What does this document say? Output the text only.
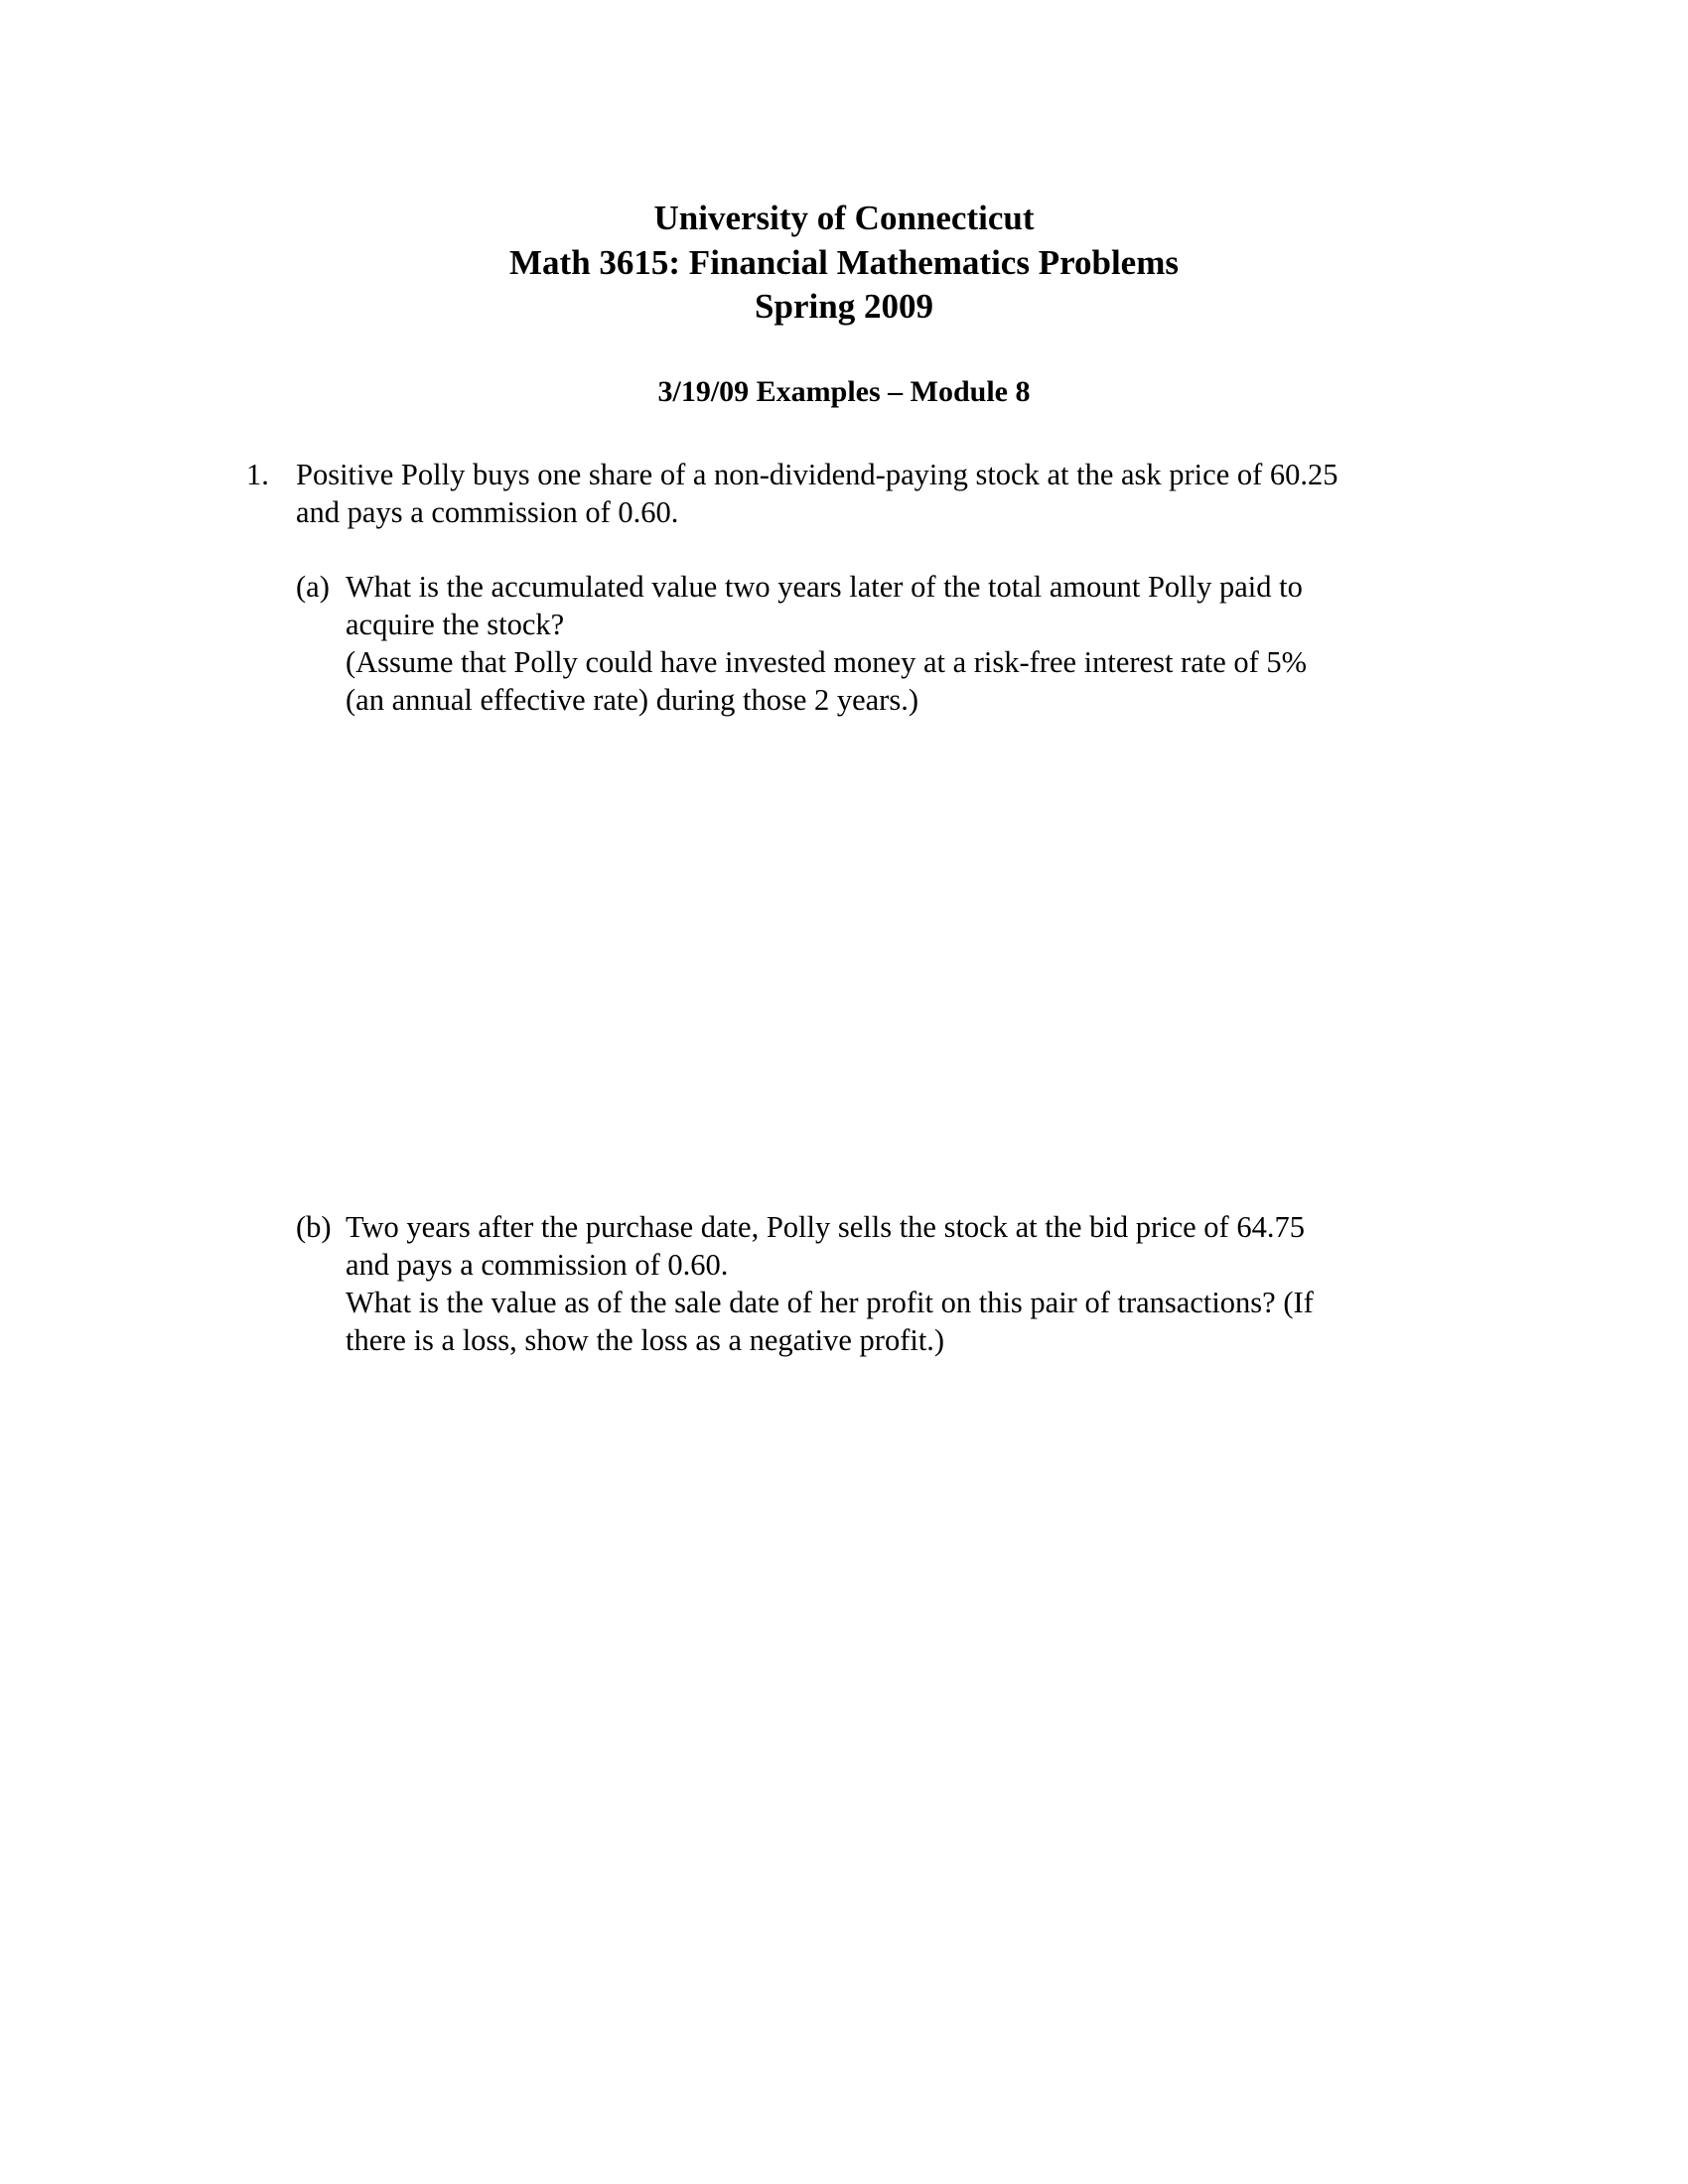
University of Connecticut
Math 3615: Financial Mathematics Problems
Spring 2009
3/19/09 Examples – Module 8
1. Positive Polly buys one share of a non-dividend-paying stock at the ask price of 60.25
and pays a commission of 0.60.
(a) What is the accumulated value two years later of the total amount Polly paid to
acquire the stock?
(Assume that Polly could have invested money at a risk-free interest rate of 5%
(an annual effective rate) during those 2 years.)
(b) Two years after the purchase date, Polly sells the stock at the bid price of 64.75
and pays a commission of 0.60.
What is the value as of the sale date of her profit on this pair of transactions? (If
there is a loss, show the loss as a negative profit.)
